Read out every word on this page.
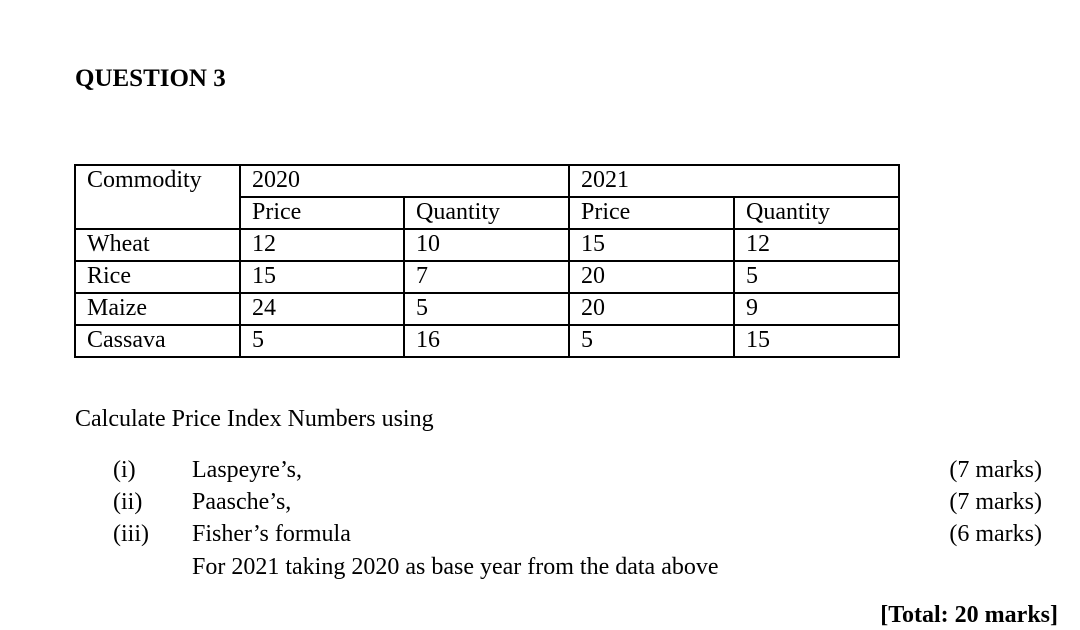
QUESTION 3
Commodity	2020		2021	
	Price	Quantity	Price	Quantity
Wheat	12	10	15	12
Rice	15	7	20	5
Maize	24	5	20	9
Cassava	5	16	5	15
Calculate Price Index Numbers using
(i) Laspeyre’s,	(7 marks)
(ii) Paasche’s,	(7 marks)
(iii) Fisher’s formula	(6 marks)
For 2021 taking 2020 as base year from the data above
[Total: 20 marks]
